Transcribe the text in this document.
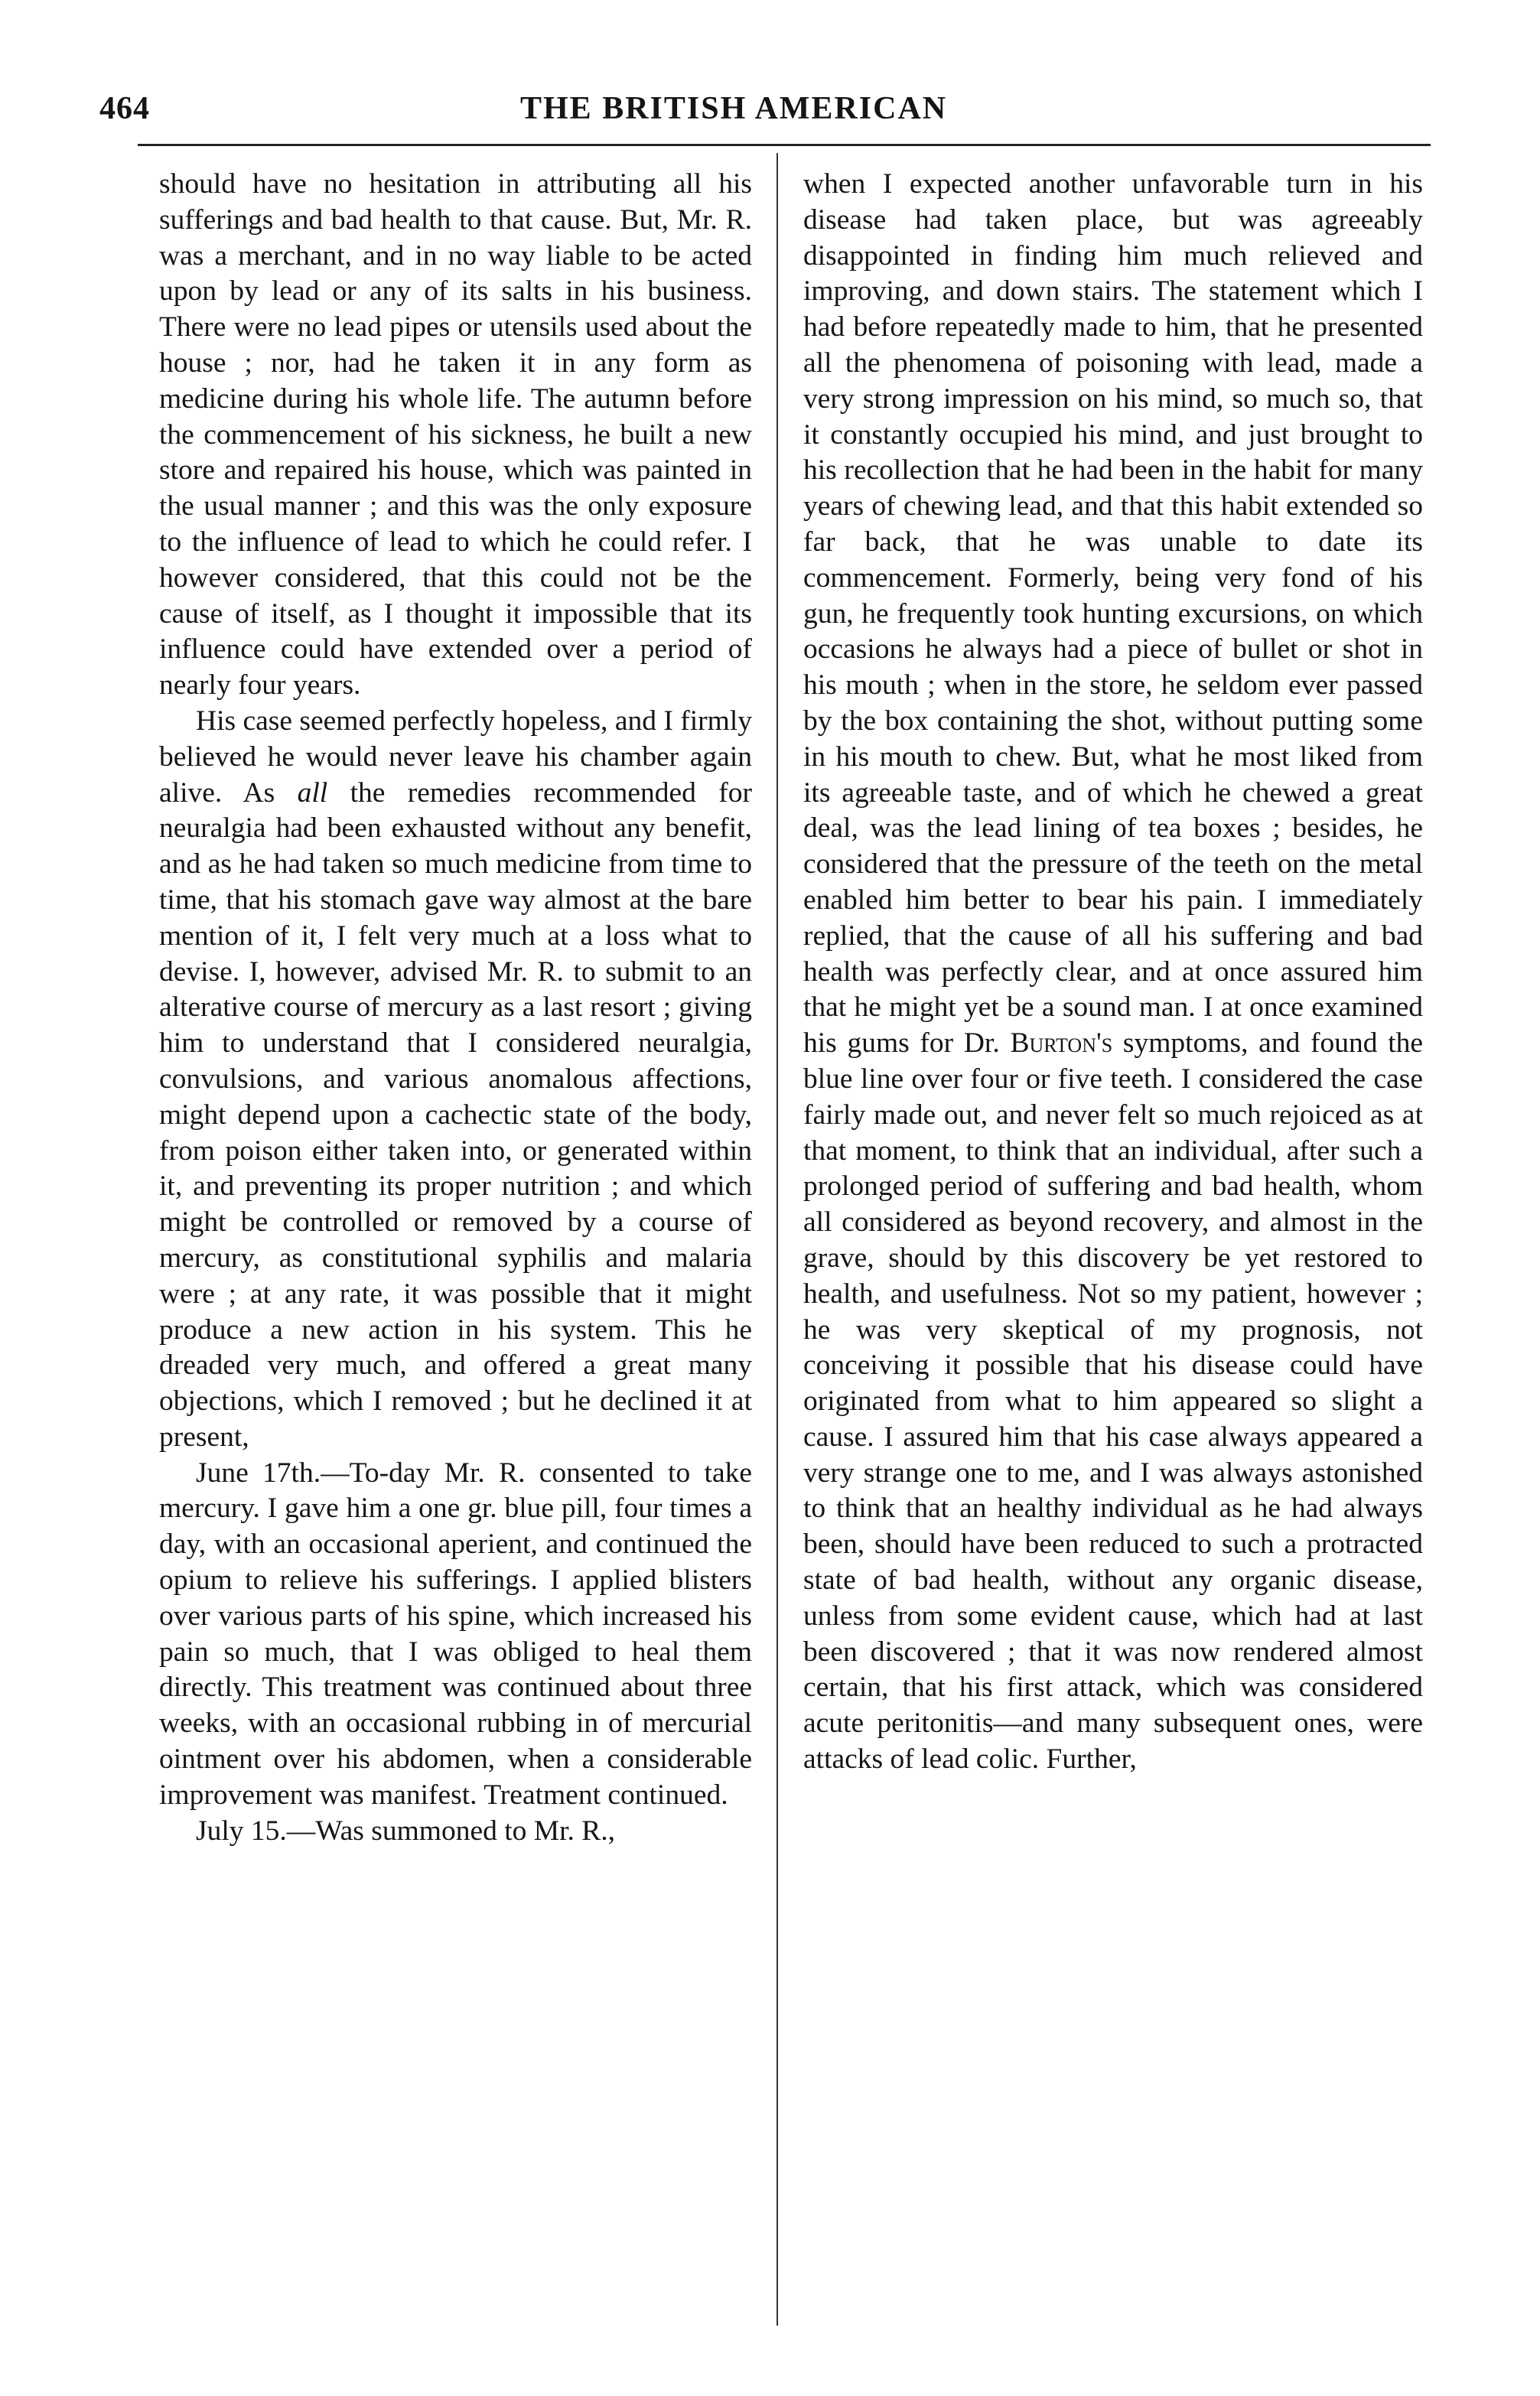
464	THE BRITISH AMERICAN

should have no hesitation in attributing all his sufferings and bad health to that cause. But, Mr. R. was a merchant, and in no way liable to be acted upon by lead or any of its salts in his business. There were no lead pipes or utensils used about the house ; nor, had he taken it in any form as medicine during his whole life. The autumn before the commencement of his sickness, he built a new store and repaired his house, which was painted in the usual manner ; and this was the only exposure to the influence of lead to which he could refer. I however considered, that this could not be the cause of itself, as I thought it impossible that its influence could have extended over a period of nearly four years.

His case seemed perfectly hopeless, and I firmly believed he would never leave his chamber again alive. As all the remedies recommended for neuralgia had been exhausted without any benefit, and as he had taken so much medicine from time to time, that his stomach gave way almost at the bare mention of it, I felt very much at a loss what to devise. I, however, advised Mr. R. to submit to an alterative course of mercury as a last resort ; giving him to understand that I considered neuralgia, convulsions, and various anomalous affections, might depend upon a cachectic state of the body, from poison either taken into, or generated within it, and preventing its proper nutrition ; and which might be controlled or removed by a course of mercury, as constitutional syphilis and malaria were ; at any rate, it was possible that it might produce a new action in his system. This he dreaded very much, and offered a great many objections, which I removed ; but he declined it at present,

June 17th.—To-day Mr. R. consented to take mercury. I gave him a one gr. blue pill, four times a day, with an occasional aperient, and continued the opium to relieve his sufferings. I applied blisters over various parts of his spine, which increased his pain so much, that I was obliged to heal them directly. This treatment was continued about three weeks, with an occasional rubbing in of mercurial ointment over his abdomen, when a considerable improvement was manifest. Treatment continued.

July 15.—Was summoned to Mr. R.,

when I expected another unfavorable turn in his disease had taken place, but was agreeably disappointed in finding him much relieved and improving, and down stairs. The statement which I had before repeatedly made to him, that he presented all the phenomena of poisoning with lead, made a very strong impression on his mind, so much so, that it constantly occupied his mind, and just brought to his recollection that he had been in the habit for many years of chewing lead, and that this habit extended so far back, that he was unable to date its commencement. Formerly, being very fond of his gun, he frequently took hunting excursions, on which occasions he always had a piece of bullet or shot in his mouth ; when in the store, he seldom ever passed by the box containing the shot, without putting some in his mouth to chew. But, what he most liked from its agreeable taste, and of which he chewed a great deal, was the lead lining of tea boxes ; besides, he considered that the pressure of the teeth on the metal enabled him better to bear his pain. I immediately replied, that the cause of all his suffering and bad health was perfectly clear, and at once assured him that he might yet be a sound man. I at once examined his gums for Dr. Burton's symptoms, and found the blue line over four or five teeth. I considered the case fairly made out, and never felt so much rejoiced as at that moment, to think that an individual, after such a prolonged period of suffering and bad health, whom all considered as beyond recovery, and almost in the grave, should by this discovery be yet restored to health, and usefulness. Not so my patient, however ; he was very skeptical of my prognosis, not conceiving it possible that his disease could have originated from what to him appeared so slight a cause. I assured him that his case always appeared a very strange one to me, and I was always astonished to think that an healthy individual as he had always been, should have been reduced to such a protracted state of bad health, without any organic disease, unless from some evident cause, which had at last been discovered ; that it was now rendered almost certain, that his first attack, which was considered acute peritonitis—and many subsequent ones, were attacks of lead colic. Further,
